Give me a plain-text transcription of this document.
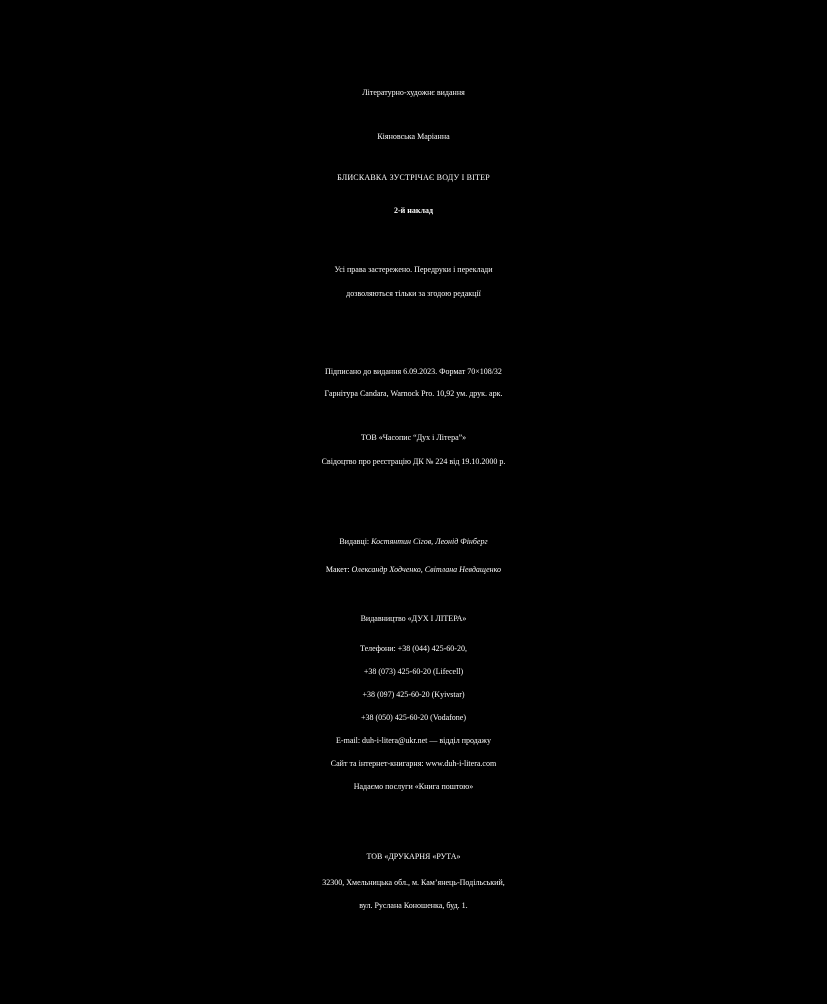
Літературно-художнє видання
Кіяновська Маріанна
БЛИСКАВКА ЗУСТРІЧАЄ ВОДУ І ВІТЕР
2-й наклад
Усі права застережено. Передруки і переклади
дозволяються тільки за згодою редакції
Підписано до видання 6.09.2023. Формат 70×108/32
Гарнітура Candara, Warnock Pro. 10,92 ум. друк. арк.
ТОВ «Часопис “Дух і Літера”»
Свідоцтво про реєстрацію ДК № 224 від 19.10.2000 р.
Видавці: Костянтин Сігов, Леонід Фінберг
Макет: Олександр Ходченко, Світлана Невдащенко
Видавництво «ДУХ І ЛІТЕРА»
Телефони: +38 (044) 425-60-20,
+38 (073) 425-60-20 (Lifecell)
+38 (097) 425-60-20 (Kyivstar)
+38 (050) 425-60-20 (Vodafone)
E-mail: duh-i-litera@ukr.net — відділ продажу
Сайт та інтернет-книгарня: www.duh-i-litera.com
Надаємо послуги «Книга поштою»
ТОВ «ДРУКАРНЯ «РУТА»
32300, Хмельницька обл., м. Кам’янець-Подільський,
вул. Руслана Коношенка, буд. 1.
